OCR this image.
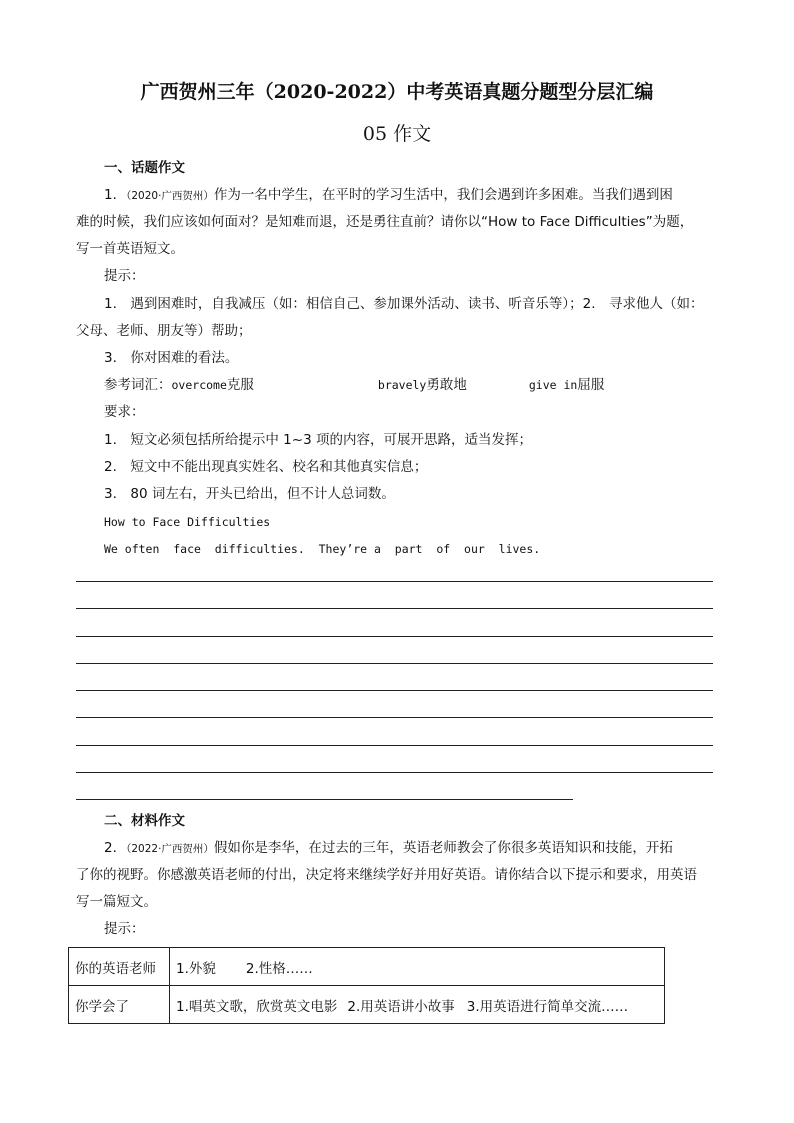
广西贺州三年（2020-2022）中考英语真题分题型分层汇编
05 作文
一、话题作文
1．（2020·广西贺州）作为一名中学生，在平时的学习生活中，我们会遇到许多困难。当我们遇到困
难的时候，我们应该如何面对？是知难而退，还是勇往直前？请你以“How to Face Difficulties”为题，
写一首英语短文。
提示：
1.　遇到困难时，自我减压（如：相信自己、参加课外活动、读书、听音乐等）；2.　寻求他人（如：
父母、老师、朋友等）帮助；
3.　你对困难的看法。
参考词汇：overcome克服	bravely勇敢地	give in屈服
要求：
1.　短文必须包括所给提示中 1~3 项的内容，可展开思路，适当发挥；
2.　短文中不能出现真实姓名、校名和其他真实信息；
3.　80 词左右，开头已给出，但不计人总词数。
How to Face Difficulties
We often  face  difficulties.  They’re a  part  of  our  lives.
二、材料作文
2．（2022·广西贺州）假如你是李华，在过去的三年，英语老师教会了你很多英语知识和技能，开拓
了你的视野。你感激英语老师的付出，决定将来继续学好并用好英语。请你结合以下提示和要求，用英语
写一篇短文。
提示：
你的英语老师	1.外貌 2.性格……
你学会了	1.唱英文歌，欣赏英文电影 2.用英语讲小故事 3.用英语进行简单交流……
